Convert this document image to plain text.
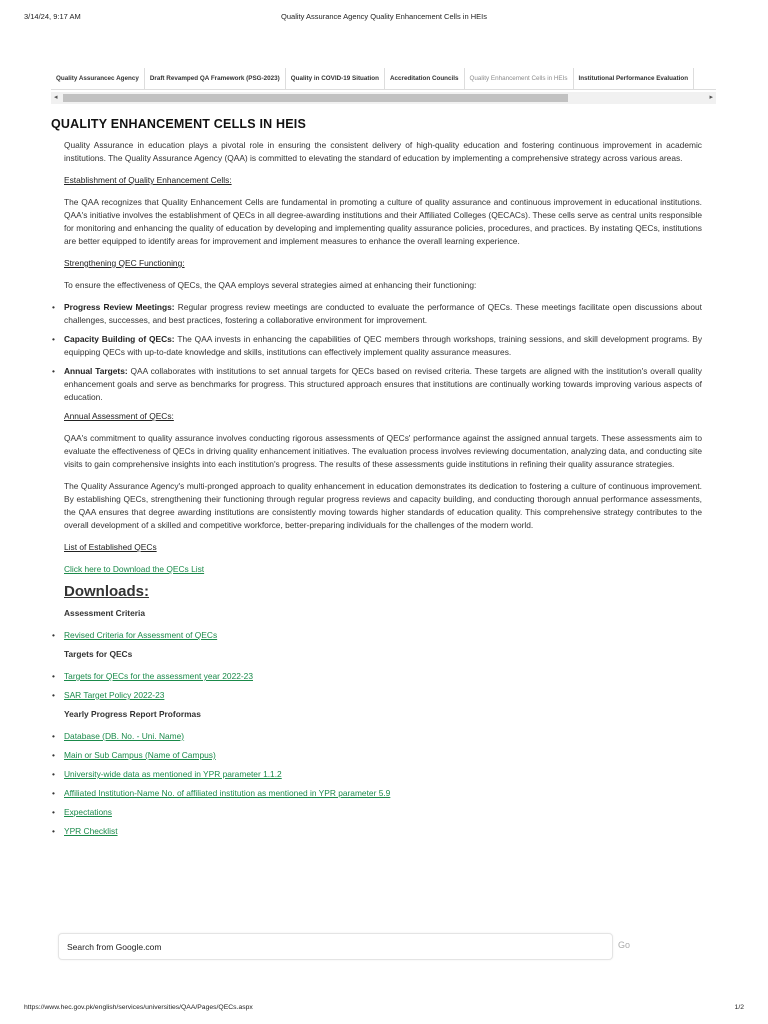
3/14/24, 9:17 AM	Quality Assurance Agency Quality Enhancement Cells in HEIs
Quality Assurancec Agency	Draft Revamped QA Framework (PSG-2023)	Quality in COVID-19 Situation	Accreditation Councils	Quality Enhancement Cells in HEIs	Institutional Performance Evaluation
◂	▸
QUALITY ENHANCEMENT CELLS IN HEIS

Quality Assurance in education plays a pivotal role in ensuring the consistent delivery of high-quality education and fostering continuous improvement in academic institutions. The Quality Assurance Agency (QAA) is committed to elevating the standard of education by implementing a comprehensive strategy across various areas.

Establishment of Quality Enhancement Cells:

The QAA recognizes that Quality Enhancement Cells are fundamental in promoting a culture of quality assurance and continuous improvement in educational institutions. QAA's initiative involves the establishment of QECs in all degree-awarding institutions and their Affiliated Colleges (QECACs). These cells serve as central units responsible for monitoring and enhancing the quality of education by developing and implementing quality assurance policies, procedures, and practices. By instating QECs, institutions are better equipped to identify areas for improvement and implement measures to enhance the overall learning experience.

Strengthening QEC Functioning:

To ensure the effectiveness of QECs, the QAA employs several strategies aimed at enhancing their functioning:

• Progress Review Meetings: Regular progress review meetings are conducted to evaluate the performance of QECs. These meetings facilitate open discussions about challenges, successes, and best practices, fostering a collaborative environment for improvement.
• Capacity Building of QECs: The QAA invests in enhancing the capabilities of QEC members through workshops, training sessions, and skill development programs. By equipping QECs with up-to-date knowledge and skills, institutions can effectively implement quality assurance measures.
• Annual Targets: QAA collaborates with institutions to set annual targets for QECs based on revised criteria. These targets are aligned with the institution's overall quality enhancement goals and serve as benchmarks for progress. This structured approach ensures that institutions are continually working towards improving various aspects of education.
Annual Assessment of QECs:

QAA's commitment to quality assurance involves conducting rigorous assessments of QECs' performance against the assigned annual targets. These assessments aim to evaluate the effectiveness of QECs in driving quality enhancement initiatives. The evaluation process involves reviewing documentation, analyzing data, and conducting site visits to gain comprehensive insights into each institution's progress. The results of these assessments guide institutions in refining their quality assurance strategies.

The Quality Assurance Agency's multi-pronged approach to quality enhancement in education demonstrates its dedication to fostering a culture of continuous improvement. By establishing QECs, strengthening their functioning through regular progress reviews and capacity building, and conducting thorough annual performance assessments, the QAA ensures that degree awarding institutions are consistently moving towards higher standards of education quality. This comprehensive strategy contributes to the overall development of a skilled and competitive workforce, better-preparing individuals for the challenges of the modern world.

List of Established QECs
Click here to Download the QECs List
Downloads:
Assessment Criteria
• Revised Criteria for Assessment of QECs
Targets for QECs
• Targets for QECs for the assessment year 2022-23
• SAR Target Policy 2022-23
Yearly Progress Report Proformas
• Database (DB. No. - Uni. Name)
• Main or Sub Campus (Name of Campus)
• University-wide data as mentioned in YPR parameter 1.1.2
• Affiliated Institution-Name No. of affiliated institution as mentioned in YPR parameter 5.9
• Expectations
• YPR Checklist
Search from Google.com
Go
https://www.hec.gov.pk/english/services/universities/QAA/Pages/QECs.aspx	1/2
